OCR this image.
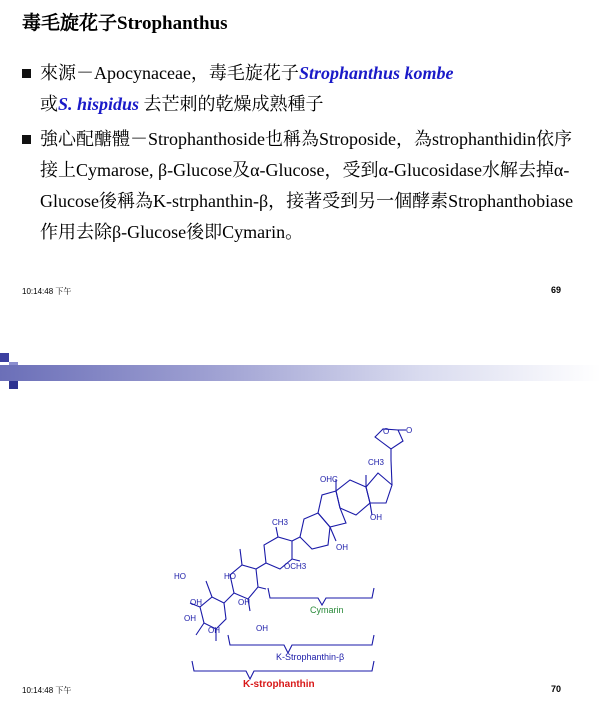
毒毛旋花子Strophanthus
來源－Apocynaceae，毒毛旋花子Strophanthus kombe
或S. hispidus 去芒刺的乾燥成熟種子
強心配醣體－Strophanthoside也稱為Stroposide，為strophanthidin依序接上Cymarose, β-Glucose及α-Glucose，受到α-Glucosidase水解去掉α-Glucose後稱為K-strphanthin-β，接著受到另一個酵素Strophanthobiase作用去除β-Glucose後即Cymarin。
10:14:48 下午	69
O O
CH3
OHC
OH
OH
CH3
OCH3
HO	HO
OH
OH
OH
OH
OH
Cymarin
K-Strophanthin-β
K-strophanthin
10:14:48 下午	70
